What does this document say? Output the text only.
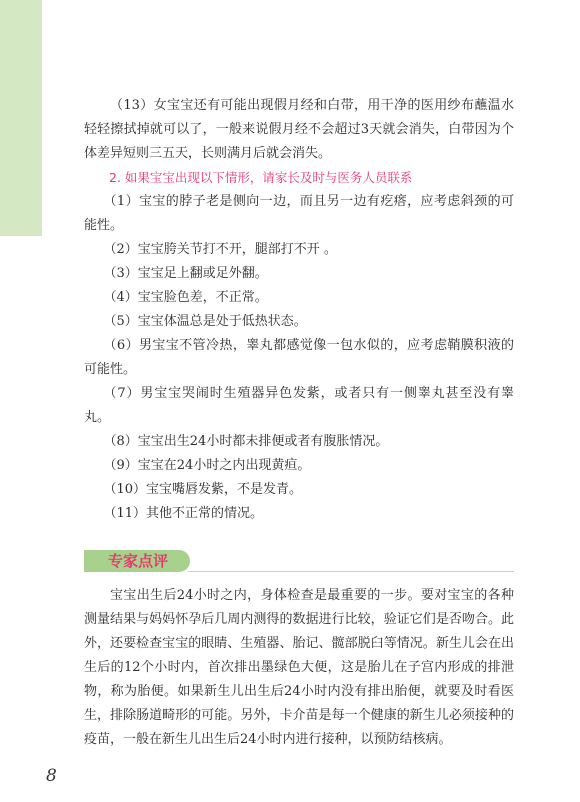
（13）女宝宝还有可能出现假月经和白带，用干净的医用纱布蘸温水轻轻擦拭掉就可以了，一般来说假月经不会超过3天就会消失，白带因为个体差异短则三五天，长则满月后就会消失。

2. 如果宝宝出现以下情形，请家长及时与医务人员联系

（1）宝宝的脖子老是侧向一边，而且另一边有疙瘩，应考虑斜颈的可能性。

（2）宝宝胯关节打不开，腿部打不开 。

（3）宝宝足上翻或足外翻。

（4）宝宝脸色差，不正常。

（5）宝宝体温总是处于低热状态。

（6）男宝宝不管冷热，睾丸都感觉像一包水似的，应考虑鞘膜积液的可能性。

（7）男宝宝哭闹时生殖器异色发紫，或者只有一侧睾丸甚至没有睾丸。

（8）宝宝出生24小时都未排便或者有腹胀情况。

（9）宝宝在24小时之内出现黄疸。

（10）宝宝嘴唇发紫，不是发青。

（11）其他不正常的情况。

专家点评

宝宝出生后24小时之内，身体检查是最重要的一步。要对宝宝的各种测量结果与妈妈怀孕后几周内测得的数据进行比较，验证它们是否吻合。此外，还要检查宝宝的眼睛、生殖器、胎记、髋部脱臼等情况。新生儿会在出生后的12个小时内，首次排出墨绿色大便，这是胎儿在子宫内形成的排泄物，称为胎便。如果新生儿出生后24小时内没有排出胎便，就要及时看医生，排除肠道畸形的可能。另外，卡介苗是每一个健康的新生儿必须接种的疫苗，一般在新生儿出生后24小时内进行接种，以预防结核病。

8
